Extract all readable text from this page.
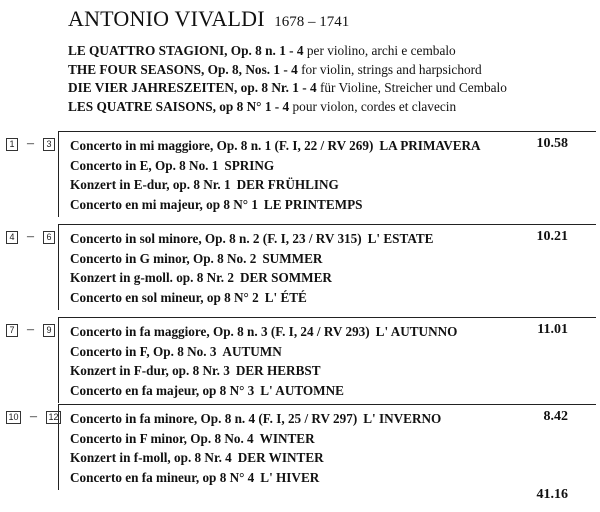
ANTONIO VIVALDI 1678 – 1741

LE QUATTRO STAGIONI, Op. 8 n. 1 - 4 per violino, archi e cembalo
THE FOUR SEASONS, Op. 8, Nos. 1 - 4 for violin, strings and harpsichord
DIE VIER JAHRESZEITEN, op. 8 Nr. 1 - 4 für Violine, Streicher und Cembalo
LES QUATRE SAISONS, op 8 N° 1 - 4 pour violon, cordes et clavecin
1 – 3 Concerto in mi maggiore, Op. 8 n. 1 (F. I, 22 / RV 269) LA PRIMAVERA
Concerto in E, Op. 8 No. 1 SPRING
Konzert in E-dur, op. 8 Nr. 1 DER FRÜHLING
Concerto en mi majeur, op 8 N° 1 LE PRINTEMPS
10.58
4 – 6 Concerto in sol minore, Op. 8 n. 2 (F. I, 23 / RV 315) L' ESTATE
Concerto in G minor, Op. 8 No. 2 SUMMER
Konzert in g-moll. op. 8 Nr. 2 DER SOMMER
Concerto en sol mineur, op 8 N° 2 L' ÉTÉ
10.21
7 – 9 Concerto in fa maggiore, Op. 8 n. 3 (F. I, 24 / RV 293) L' AUTUNNO
Concerto in F, Op. 8 No. 3 AUTUMN
Konzert in F-dur, op. 8 Nr. 3 DER HERBST
Concerto en fa majeur, op 8 N° 3 L' AUTOMNE
11.01
10 – 12 Concerto in fa minore, Op. 8 n. 4 (F. I, 25 / RV 297) L' INVERNO
Concerto in F minor, Op. 8 No. 4 WINTER
Konzert in f-moll, op. 8 Nr. 4 DER WINTER
Concerto en fa mineur, op 8 N° 4 L' HIVER
8.42
41.16
